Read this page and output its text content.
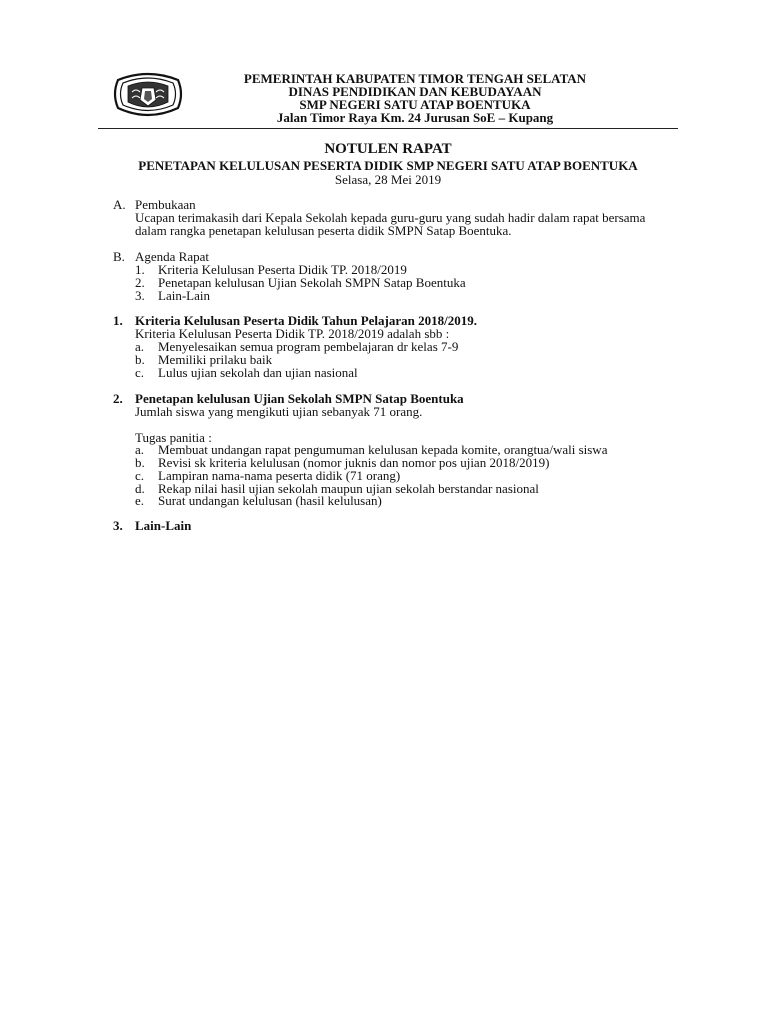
PEMERINTAH KABUPATEN TIMOR TENGAH SELATAN
DINAS PENDIDIKAN DAN KEBUDAYAAN
SMP NEGERI SATU ATAP BOENTUKA
Jalan Timor Raya Km. 24 Jurusan SoE – Kupang
NOTULEN RAPAT
PENETAPAN KELULUSAN PESERTA DIDIK SMP NEGERI SATU ATAP BOENTUKA
Selasa, 28 Mei 2019
A. Pembukaan
Ucapan terimakasih dari Kepala Sekolah kepada guru-guru yang sudah hadir dalam rapat bersama
dalam rangka penetapan kelulusan peserta didik SMPN Satap Boentuka.
B. Agenda Rapat
1. Kriteria Kelulusan Peserta Didik TP. 2018/2019
2. Penetapan kelulusan Ujian Sekolah SMPN Satap Boentuka
3. Lain-Lain
1. Kriteria Kelulusan Peserta Didik Tahun Pelajaran 2018/2019.
Kriteria Kelulusan Peserta Didik TP. 2018/2019 adalah sbb :
a. Menyelesaikan semua program pembelajaran dr kelas 7-9
b. Memiliki prilaku baik
c. Lulus ujian sekolah dan ujian nasional
2. Penetapan kelulusan Ujian Sekolah SMPN Satap Boentuka
Jumlah siswa yang mengikuti ujian sebanyak 71 orang.
Tugas panitia :
a. Membuat undangan rapat pengumuman kelulusan kepada komite, orangtua/wali siswa
b. Revisi sk kriteria kelulusan (nomor juknis dan nomor pos ujian 2018/2019)
c. Lampiran nama-nama peserta didik (71 orang)
d. Rekap nilai hasil ujian sekolah maupun ujian sekolah berstandar nasional
e. Surat undangan kelulusan (hasil kelulusan)
3. Lain-Lain
